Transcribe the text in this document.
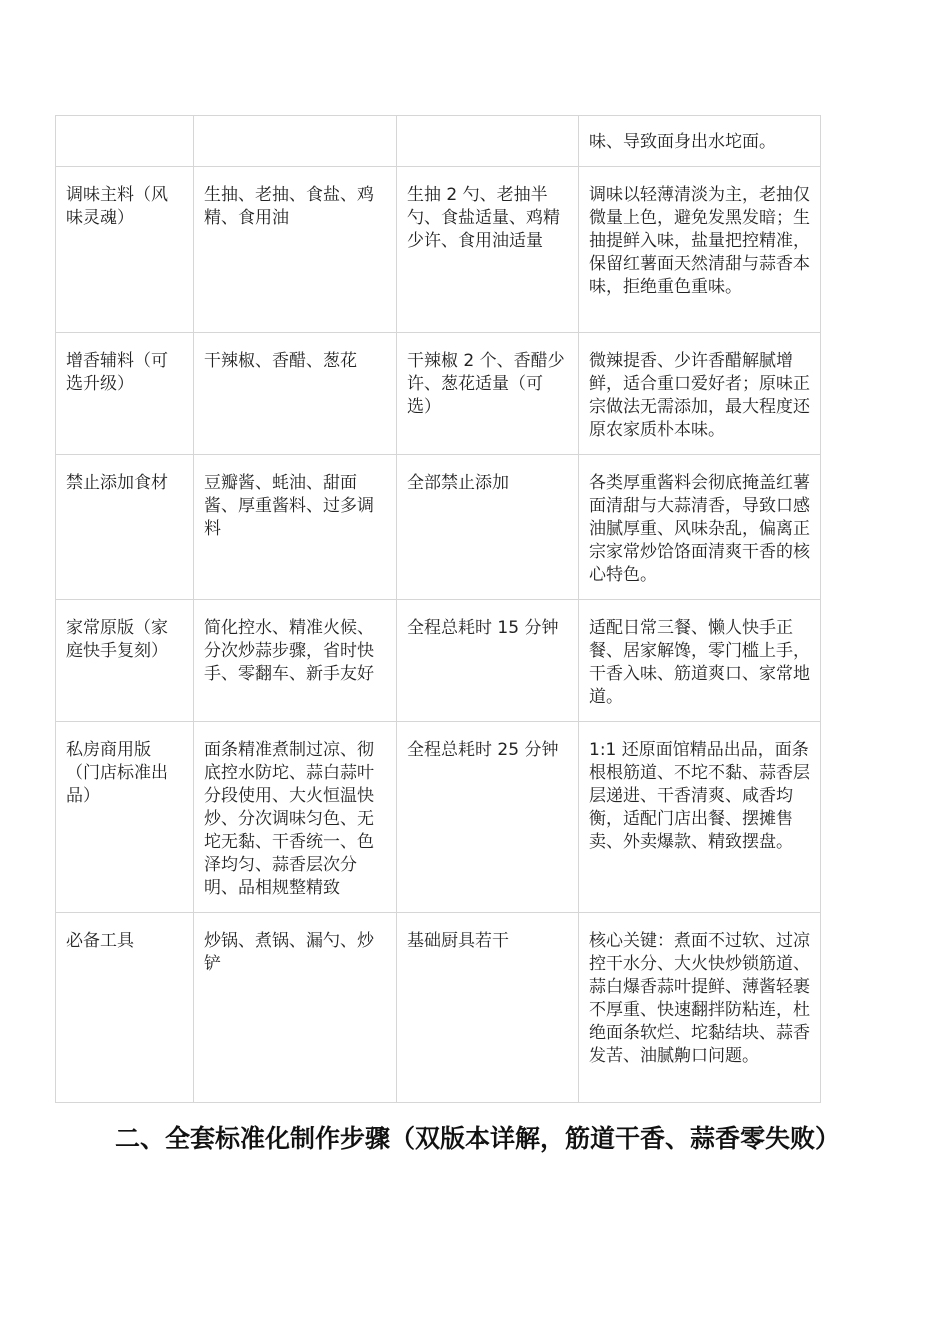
			味、导致面身出水坨面。
调味主料（风味灵魂）	生抽、老抽、食盐、鸡精、食用油	生抽 2 勺、老抽半勺、食盐适量、鸡精少许、食用油适量	调味以轻薄清淡为主，老抽仅微量上色，避免发黑发暗；生抽提鲜入味，盐量把控精准，保留红薯面天然清甜与蒜香本味，拒绝重色重味。
增香辅料（可选升级）	干辣椒、香醋、葱花	干辣椒 2 个、香醋少许、葱花适量（可选）	微辣提香、少许香醋解腻增鲜，适合重口爱好者；原味正宗做法无需添加，最大程度还原农家质朴本味。
禁止添加食材	豆瓣酱、蚝油、甜面酱、厚重酱料、过多调料	全部禁止添加	各类厚重酱料会彻底掩盖红薯面清甜与大蒜清香，导致口感油腻厚重、风味杂乱，偏离正宗家常炒饸饹面清爽干香的核心特色。
家常原版（家庭快手复刻）	简化控水、精准火候、分次炒蒜步骤，省时快手、零翻车、新手友好	全程总耗时 15 分钟	适配日常三餐、懒人快手正餐、居家解馋，零门槛上手，干香入味、筋道爽口、家常地道。
私房商用版（门店标准出品）	面条精准煮制过凉、彻底控水防坨、蒜白蒜叶分段使用、大火恒温快炒、分次调味匀色、无坨无黏、干香统一、色泽均匀、蒜香层次分明、品相规整精致	全程总耗时 25 分钟	1:1 还原面馆精品出品，面条根根筋道、不坨不黏、蒜香层层递进、干香清爽、咸香均衡，适配门店出餐、摆摊售卖、外卖爆款、精致摆盘。
必备工具	炒锅、煮锅、漏勺、炒铲	基础厨具若干	核心关键：煮面不过软、过凉控干水分、大火快炒锁筋道、蒜白爆香蒜叶提鲜、薄酱轻裹不厚重、快速翻拌防粘连，杜绝面条软烂、坨黏结块、蒜香发苦、油腻齁口问题。
二、全套标准化制作步骤（双版本详解，筋道干香、蒜香零失败）
